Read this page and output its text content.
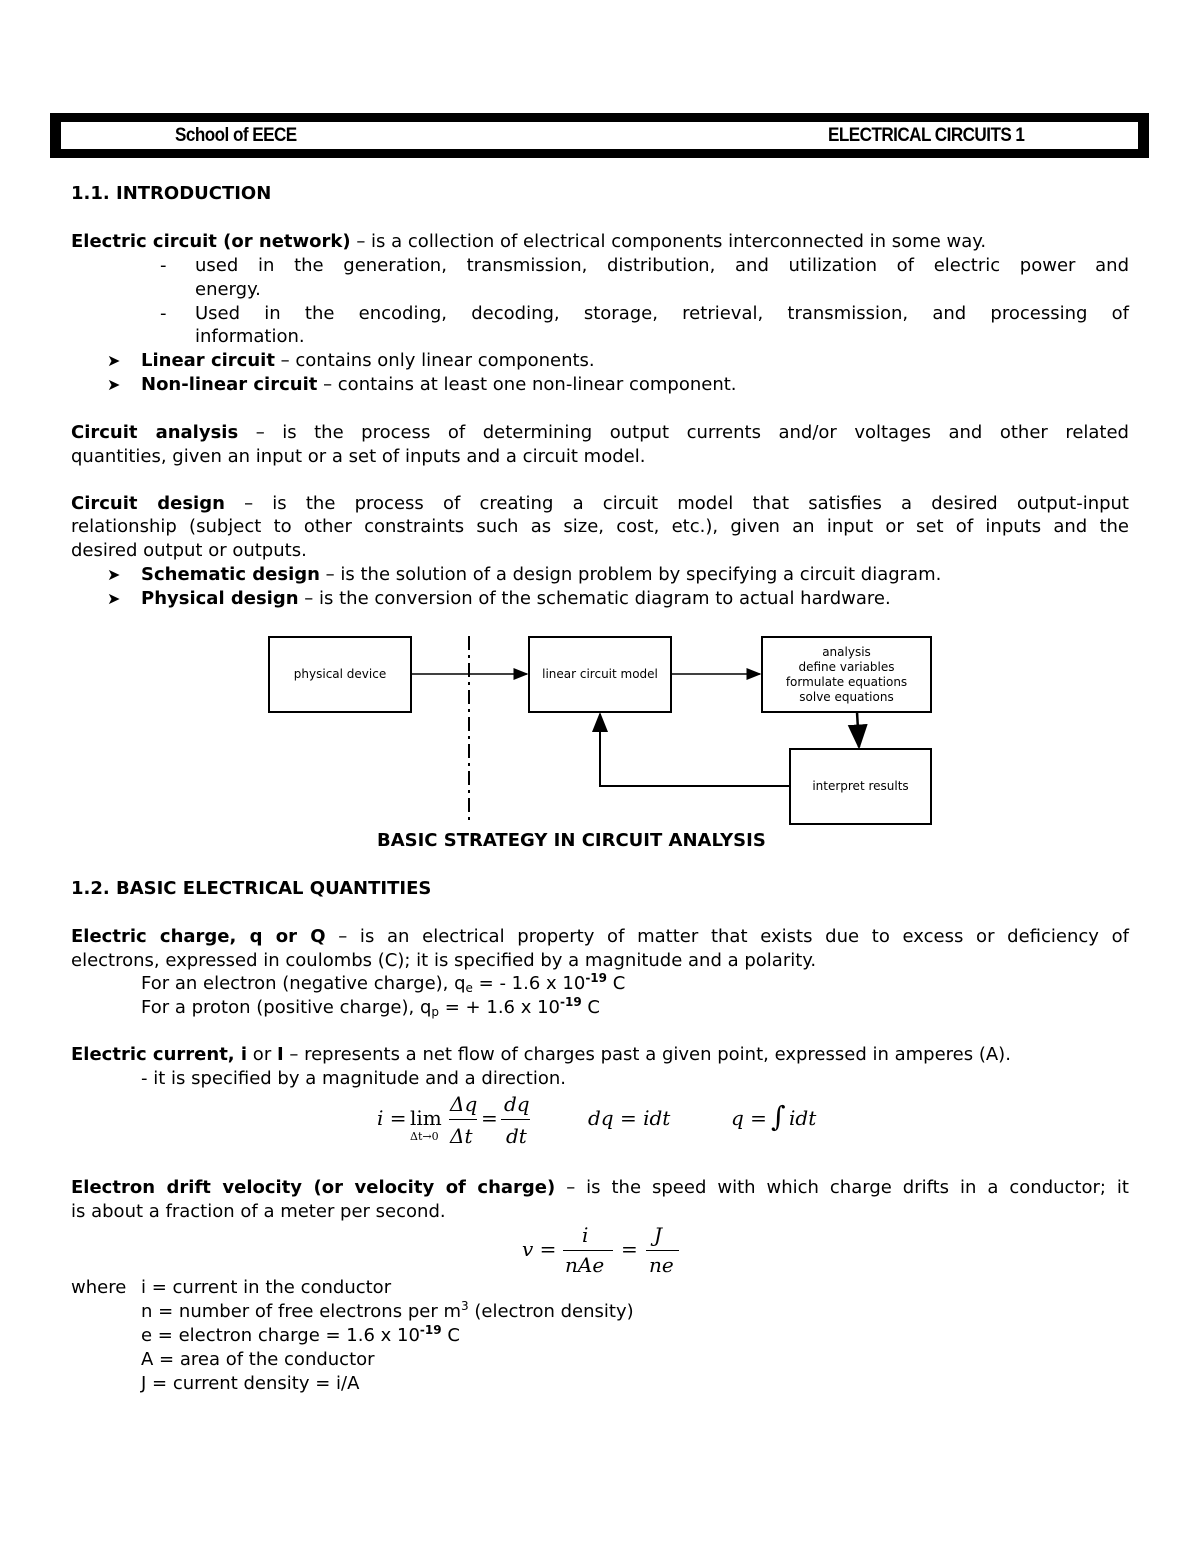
School of EECE	ELECTRICAL CIRCUITS 1
1.1. INTRODUCTION
Electric circuit (or network) – is a collection of electrical components interconnected in some way.
- used in the generation, transmission, distribution, and utilization of electric power and
energy.
- Used in the encoding, decoding, storage, retrieval, transmission, and processing of
information.
➤ Linear circuit – contains only linear components.
➤ Non-linear circuit – contains at least one non-linear component.
Circuit analysis – is the process of determining output currents and/or voltages and other related
quantities, given an input or a set of inputs and a circuit model.
Circuit design – is the process of creating a circuit model that satisfies a desired output-input
relationship (subject to other constraints such as size, cost, etc.), given an input or set of inputs and the
desired output or outputs.
➤ Schematic design – is the solution of a design problem by specifying a circuit diagram.
➤ Physical design – is the conversion of the schematic diagram to actual hardware.
physical device	linear circuit model
analysis
define variables
formulate equations
solve equations
interpret results
BASIC STRATEGY IN CIRCUIT ANALYSIS
1.2. BASIC ELECTRICAL QUANTITIES
Electric charge, q or Q – is an electrical property of matter that exists due to excess or deficiency of
electrons, expressed in coulombs (C); it is specified by a magnitude and a polarity.
For an electron (negative charge), $q_e$ = - 1.6 x $10^{-19}$ C
For a proton (positive charge), $q_p$ = + 1.6 x $10^{-19}$ C
Electric current, i or I – represents a net flow of charges past a given point, expressed in amperes (A).
- it is specified by a magnitude and a direction.
i = lim
Δt→0
Δq
Δt
=
dq
dt
dq = idt	q = ∫ idt
Electron drift velocity (or velocity of charge) – is the speed with which charge drifts in a conductor; it
is about a fraction of a meter per second.
v =
i
nAe
=
J
ne
where i = current in the conductor
n = number of free electrons per $m^3$ (electron density)
e = electron charge = 1.6 x $10^{-19}$ C
A = area of the conductor
J = current density = i/A
